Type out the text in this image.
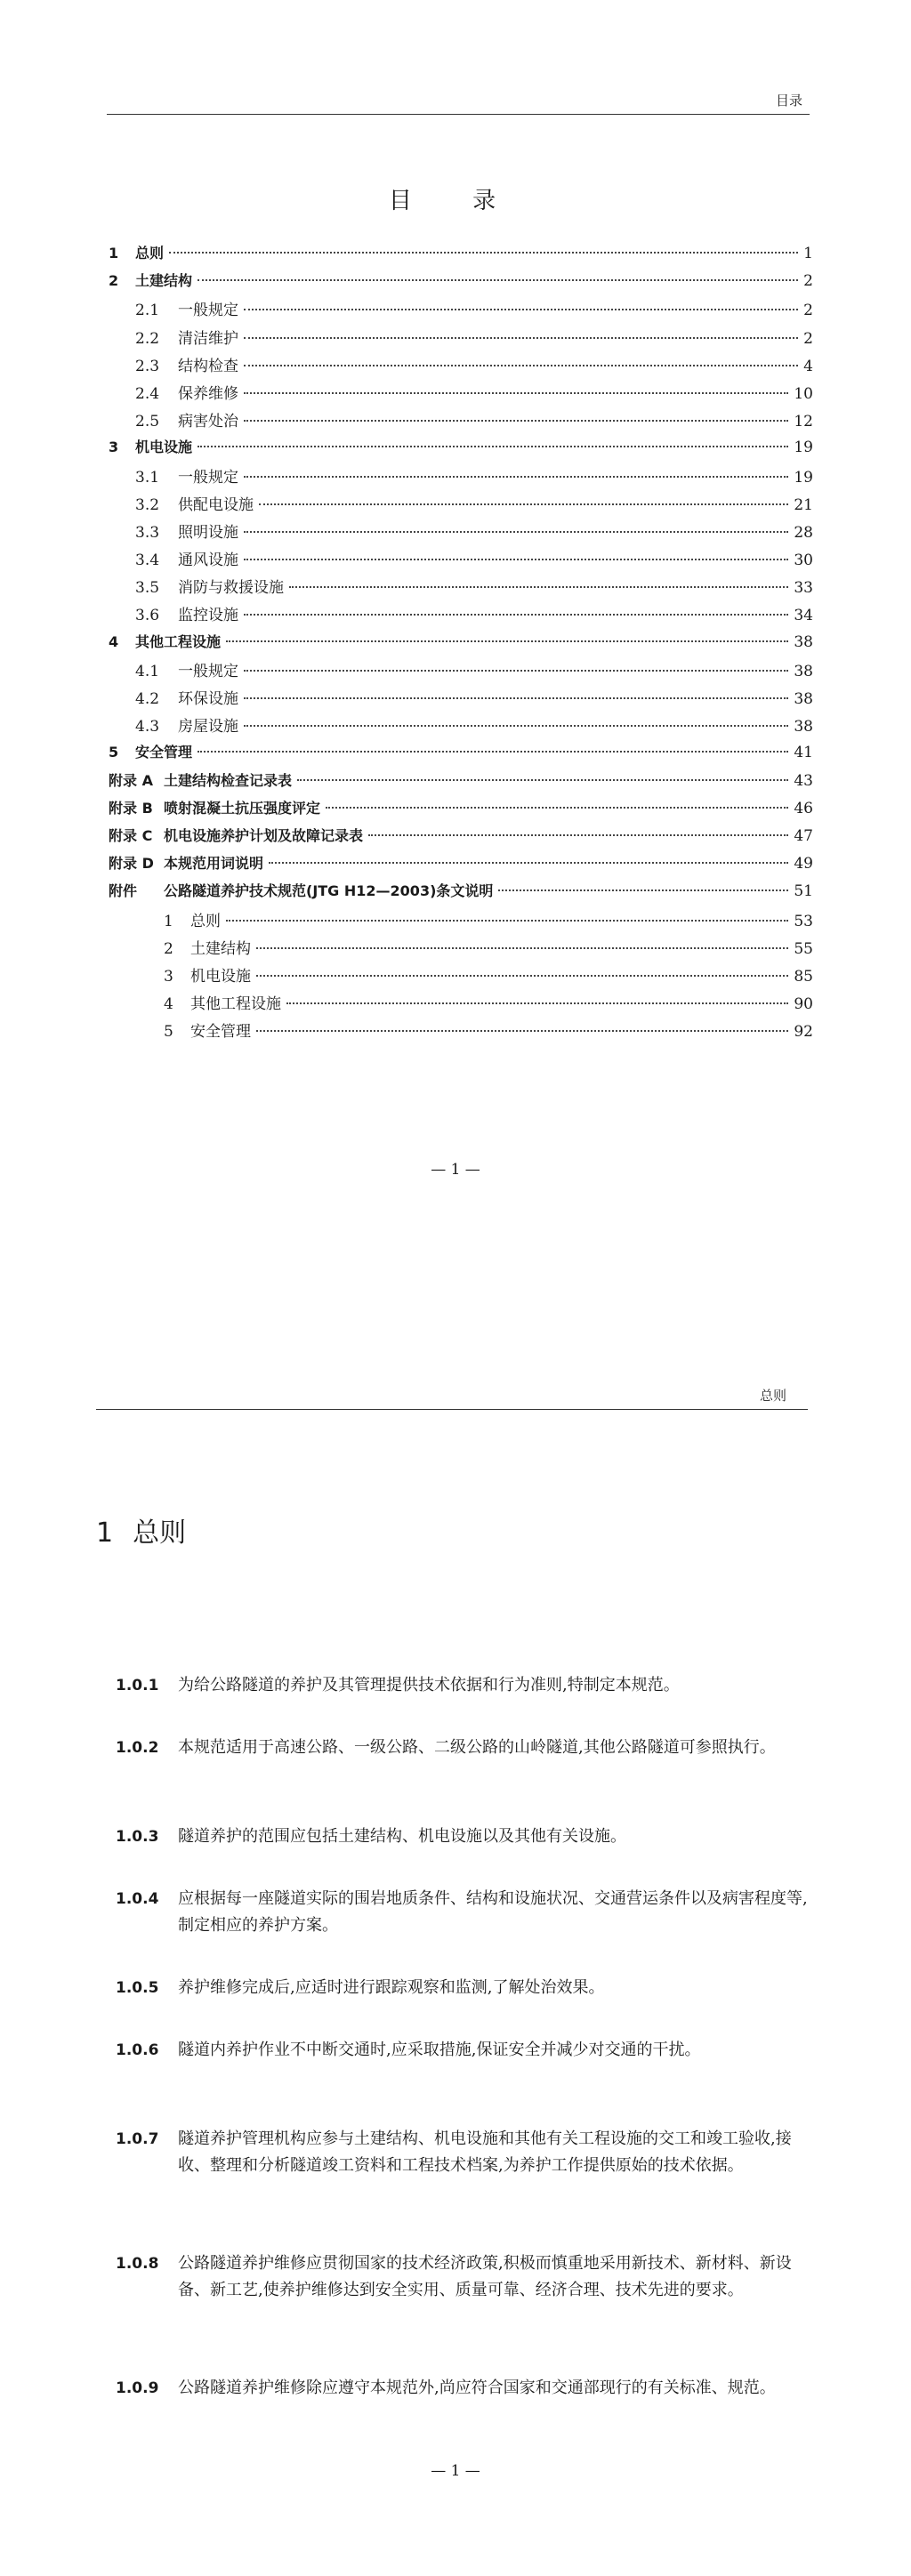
目录
目 录
1	总则	1
2	土建结构	2
2.1	一般规定	2
2.2	清洁维护	2
2.3	结构检查	4
2.4	保养维修	10
2.5	病害处治	12
3	机电设施	19
3.1	一般规定	19
3.2	供配电设施	21
3.3	照明设施	28
3.4	通风设施	30
3.5	消防与救援设施	33
3.6	监控设施	34
4	其他工程设施	38
4.1	一般规定	38
4.2	环保设施	38
4.3	房屋设施	38
5	安全管理	41
附录 A 土建结构检查记录表	43
附录 B 喷射混凝土抗压强度评定	46
附录 C 机电设施养护计划及故障记录表	47
附录 D 本规范用词说明	49
附件	公路隧道养护技术规范(JTG H12—2003)条文说明	51
1	总则	53
2	土建结构	55
3	机电设施	85
4	其他工程设施	90
5	安全管理	92
— 1 —
总则
1 总则
1.0.1 为给公路隧道的养护及其管理提供技术依据和行为准则,特制定本规范。
1.0.2 本规范适用于高速公路、一级公路、二级公路的山岭隧道,其他公路隧道可参照执行。
1.0.3 隧道养护的范围应包括土建结构、机电设施以及其他有关设施。
1.0.4 应根据每一座隧道实际的围岩地质条件、结构和设施状况、交通营运条件以及病害程度等,制定相应的养护方案。
1.0.5 养护维修完成后,应适时进行跟踪观察和监测,了解处治效果。
1.0.6 隧道内养护作业不中断交通时,应采取措施,保证安全并减少对交通的干扰。
1.0.7 隧道养护管理机构应参与土建结构、机电设施和其他有关工程设施的交工和竣工验收,接收、整理和分析隧道竣工资料和工程技术档案,为养护工作提供原始的技术依据。
1.0.8 公路隧道养护维修应贯彻国家的技术经济政策,积极而慎重地采用新技术、新材料、新设备、新工艺,使养护维修达到安全实用、质量可靠、经济合理、技术先进的要求。
1.0.9 公路隧道养护维修除应遵守本规范外,尚应符合国家和交通部现行的有关标准、规范。
— 1 —
